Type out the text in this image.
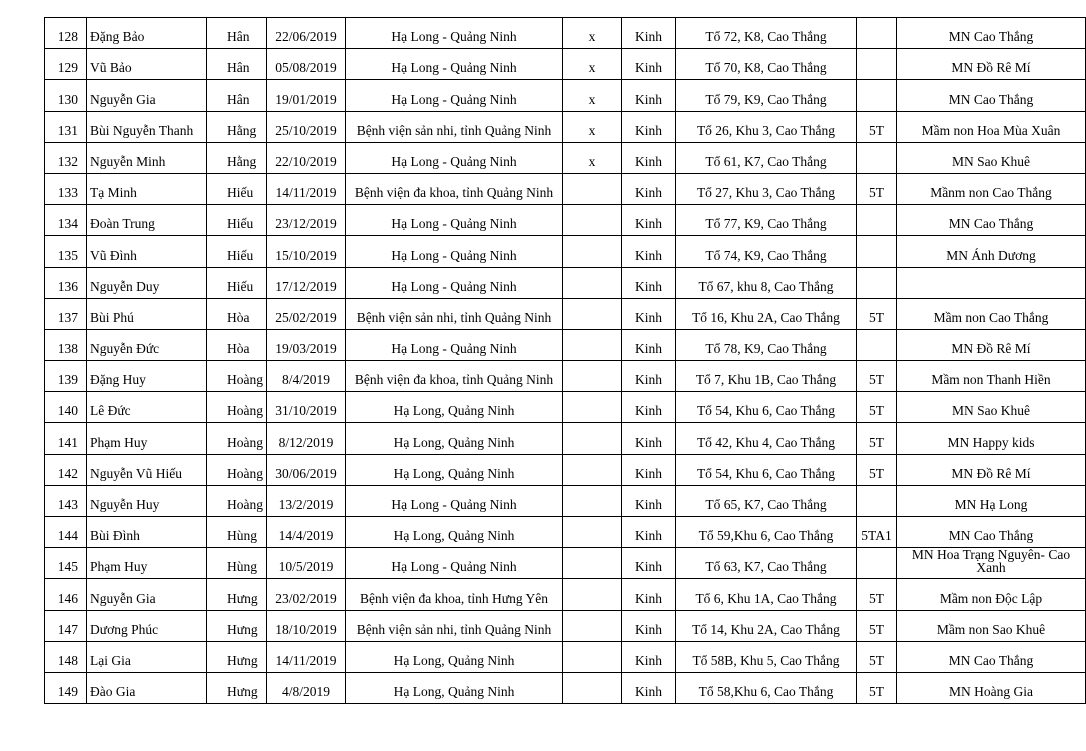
128	Đặng Bảo	Hân	22/06/2019	Hạ Long - Quảng Ninh	x	Kinh	Tổ 72, K8, Cao Thắng		MN Cao Thắng
129	Vũ Bảo	Hân	05/08/2019	Hạ Long - Quảng Ninh	x	Kinh	Tổ 70, K8, Cao Thắng		MN Đồ Rê Mí
130	Nguyễn Gia	Hân	19/01/2019	Hạ Long - Quảng Ninh	x	Kinh	Tổ 79, K9, Cao Thắng		MN Cao Thắng
131	Bùi Nguyễn Thanh	Hằng	25/10/2019	Bệnh viện sản nhi, tỉnh Quảng Ninh	x	Kinh	Tổ 26, Khu 3, Cao Thắng	5T	Mầm non Hoa Mùa Xuân
132	Nguyễn Minh	Hằng	22/10/2019	Hạ Long - Quảng Ninh	x	Kinh	Tổ 61, K7, Cao Thắng		MN Sao Khuê
133	Tạ Minh	Hiếu	14/11/2019	Bệnh viện đa khoa, tỉnh Quảng Ninh		Kinh	Tổ 27, Khu 3, Cao Thắng	5T	Mầnm non Cao Thắng
134	Đoàn Trung	Hiếu	23/12/2019	Hạ Long - Quảng Ninh		Kinh	Tổ 77, K9, Cao Thắng		MN Cao Thắng
135	Vũ Đình	Hiếu	15/10/2019	Hạ Long - Quảng Ninh		Kinh	Tổ 74, K9, Cao Thắng		MN Ánh Dương
136	Nguyễn Duy	Hiếu	17/12/2019	Hạ Long - Quảng Ninh		Kinh	Tổ 67, khu 8, Cao Thắng		
137	Bùi Phú	Hòa	25/02/2019	Bệnh viện sản nhi, tỉnh Quảng Ninh		Kinh	Tổ 16, Khu 2A, Cao Thắng	5T	Mầm non Cao Thắng
138	Nguyễn Đức	Hòa	19/03/2019	Hạ Long - Quảng Ninh		Kinh	Tổ 78, K9, Cao Thắng		MN Đồ Rê Mí
139	Đặng Huy	Hoàng	8/4/2019	Bệnh viện đa khoa, tỉnh Quảng Ninh		Kinh	Tổ 7, Khu 1B, Cao Thắng	5T	Mầm non Thanh Hiền
140	Lê Đức	Hoàng	31/10/2019	Hạ Long, Quảng Ninh		Kinh	Tổ 54, Khu 6, Cao Thắng	5T	MN Sao Khuê
141	Phạm Huy	Hoàng	8/12/2019	Hạ Long, Quảng Ninh		Kinh	Tổ 42, Khu 4, Cao Thắng	5T	MN Happy kids
142	Nguyễn Vũ Hiếu	Hoàng	30/06/2019	Hạ Long, Quảng Ninh		Kinh	Tổ 54, Khu 6, Cao Thắng	5T	MN Đồ Rê Mí
143	Nguyễn Huy	Hoàng	13/2/2019	Hạ Long - Quảng Ninh		Kinh	Tổ 65, K7, Cao Thắng		MN Hạ Long
144	Bùi Đình	Hùng	14/4/2019	Hạ Long, Quảng Ninh		Kinh	Tổ 59,Khu 6, Cao Thắng	5TA1	MN Cao Thắng
145	Phạm Huy	Hùng	10/5/2019	Hạ Long - Quảng Ninh		Kinh	Tổ 63, K7, Cao Thắng		MN Hoa Trạng Nguyên- Cao Xanh
146	Nguyễn Gia	Hưng	23/02/2019	Bệnh viện đa khoa, tỉnh Hưng Yên		Kinh	Tổ 6, Khu 1A, Cao Thắng	5T	Mầm non Độc Lập
147	Dương Phúc	Hưng	18/10/2019	Bệnh viện sản nhi, tỉnh Quảng Ninh		Kinh	Tổ 14, Khu 2A, Cao Thắng	5T	Mầm non Sao Khuê
148	Lại Gia	Hưng	14/11/2019	Hạ Long, Quảng Ninh		Kinh	Tổ 58B, Khu 5, Cao Thắng	5T	MN Cao Thắng
149	Đào Gia	Hưng	4/8/2019	Hạ Long, Quảng Ninh		Kinh	Tổ 58,Khu 6, Cao Thắng	5T	MN Hoàng Gia
